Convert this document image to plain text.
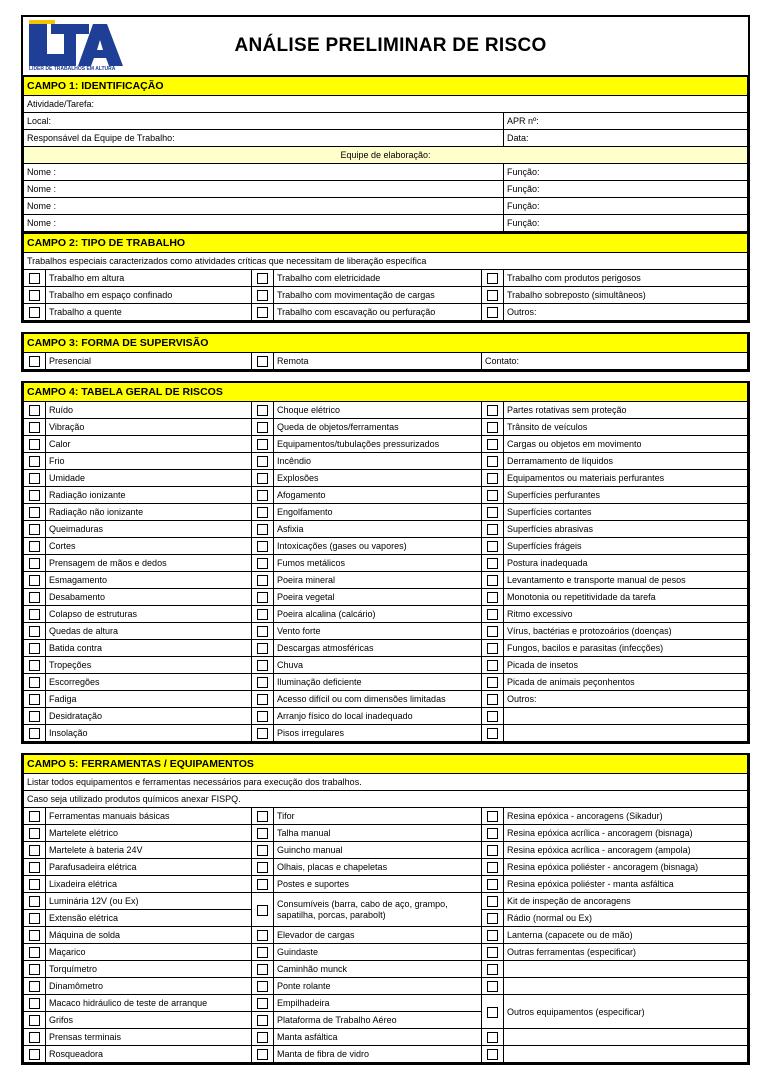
LÍDER DE TRABALHOS EM ALTURA
ANÁLISE PRELIMINAR DE RISCO
CAMPO 1: IDENTIFICAÇÃO	
Atividade/Tarefa:	
Local:	APR nº:
Responsável da Equipe de Trabalho:	Data:
Equipe de elaboração:	
Nome :	Função:
Nome :	Função:
Nome :	Função:
Nome :	Função:
CAMPO 2: TIPO DE TRABALHO					
Trabalhos especiais caracterizados como atividades críticas que necessitam de liberação específica					
	Trabalho em altura		Trabalho com eletricidade		Trabalho com produtos perigosos
	Trabalho em espaço confinado		Trabalho com movimentação de cargas		Trabalho sobreposto (simultâneos)
	Trabalho a quente		Trabalho com escavação ou perfuração		Outros:
CAMPO 3: FORMA DE SUPERVISÃO
	Presencial		Remota	Contato:
CAMPO 4: TABELA GERAL DE RISCOS					
	Ruído		Choque elétrico		Partes rotativas sem proteção
	Vibração		Queda de objetos/ferramentas		Trânsito de veículos
	Calor		Equipamentos/tubulações pressurizados		Cargas ou objetos em movimento
	Frio		Incêndio		Derramamento de líquidos
	Umidade		Explosões		Equipamentos ou materiais perfurantes
	Radiação ionizante		Afogamento		Superfícies perfurantes
	Radiação não ionizante		Engolfamento		Superfícies cortantes
	Queimaduras		Asfixia		Superfícies abrasivas
	Cortes		Intoxicações (gases ou vapores)		Superfícies frágeis
	Prensagem de mãos e dedos		Fumos metálicos		Postura inadequada
	Esmagamento		Poeira mineral		Levantamento e transporte manual de pesos
	Desabamento		Poeira vegetal		Monotonia ou repetitividade da tarefa
	Colapso de estruturas		Poeira alcalina (calcário)		Ritmo excessivo
	Quedas de altura		Vento forte		Vírus, bactérias e protozoários (doenças)
	Batida contra		Descargas atmosféricas		Fungos, bacilos e parasitas (infecções)
	Tropeções		Chuva		Picada de insetos
	Escorregões		Iluminação deficiente		Picada de animais peçonhentos
	Fadiga		Acesso difícil ou com dimensões limitadas		Outros:
	Desidratação		Arranjo físico do local inadequado		
	Insolação		Pisos irregulares		
CAMPO 5: FERRAMENTAS / EQUIPAMENTOS					
Listar todos equipamentos e ferramentas necessários para execução dos trabalhos.					
Caso seja utilizado produtos químicos anexar FISPQ.					
	Ferramentas manuais básicas		Tifor		Resina epóxica - ancoragens (Sikadur)
	Martelete elétrico		Talha manual		Resina epóxica acrílica - ancoragem (bisnaga)
	Martelete à bateria 24V		Guincho manual		Resina epóxica acrílica - ancoragem (ampola)
	Parafusadeira elétrica		Olhais, placas e chapeletas		Resina epóxica poliéster - ancoragem (bisnaga)
	Lixadeira elétrica		Postes e suportes		Resina epóxica poliéster - manta asfáltica
	Luminária 12V (ou Ex)		Consumíveis (barra, cabo de aço, grampo, sapatilha, porcas, parabolt)		Kit de inspeção de ancoragens
	Extensão elétrica				Rádio (normal ou Ex)
	Máquina de solda		Elevador de cargas		Lanterna (capacete ou de mão)
	Maçarico		Guindaste		Outras ferramentas (especificar)
	Torquímetro		Caminhão munck		
	Dinamômetro		Ponte rolante		
	Macaco hidráulico de teste de arranque		Empilhadeira		Outros equipamentos (especificar)
	Grifos		Plataforma de Trabalho Aéreo		
	Prensas terminais		Manta asfáltica		
	Rosqueadora		Manta de fibra de vidro		
